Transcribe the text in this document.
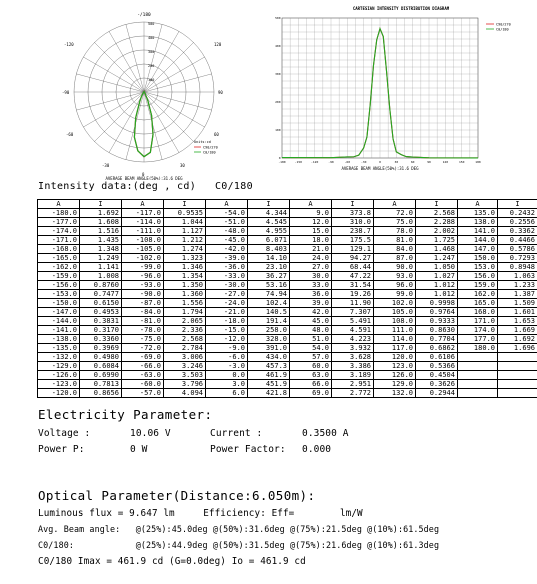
-/180
-120
-90
-60
-30
0
30
60
90
120
500
400
300
200
100
Units:cd
C90/270
C0/180
AVERAGE BEAM ANGLE(50%):31.6 DEG
CARTESIAN INTENSITY DISTRIBUTION DIAGRAM
-180	-150	-120	-90	-60	-30	0	30	60	90	120	150	180
500
400
300
200
100
0
C90/270
C0/180
AVERAGE BEAM ANGLE(50%):31.6 DEG
Intensity data:(deg , cd)   C0/180
A	I	A	I	A	I	A	I	A	I	A	I
-180.0	1.692	-117.0	0.9535	-54.0	4.344	9.0	373.8	72.0	2.568	135.0	0.2432
-177.0	1.608	-114.0	1.044	-51.0	4.545	12.0	310.0	75.0	2.288	138.0	0.2556
-174.0	1.516	-111.0	1.127	-48.0	4.955	15.0	238.7	78.0	2.002	141.0	0.3362
-171.0	1.435	-108.0	1.212	-45.0	6.071	18.0	175.5	81.0	1.725	144.0	0.4466
-168.0	1.348	-105.0	1.274	-42.0	8.403	21.0	129.1	84.0	1.468	147.0	0.5786
-165.0	1.249	-102.0	1.323	-39.0	14.10	24.0	94.27	87.0	1.247	150.0	0.7293
-162.0	1.141	-99.0	1.346	-36.0	23.10	27.0	68.44	90.0	1.050	153.0	0.8948
-159.0	1.008	-96.0	1.354	-33.0	36.27	30.0	47.22	93.0	1.027	156.0	1.063
-156.0	0.8760	-93.0	1.350	-30.0	53.16	33.0	31.54	96.0	1.012	159.0	1.233
-153.0	0.7477	-90.0	1.360	-27.0	74.94	36.0	19.26	99.0	1.012	162.0	1.387
-150.0	0.6150	-87.0	1.556	-24.0	102.4	39.0	11.90	102.0	0.9998	165.0	1.509
-147.0	0.4953	-84.0	1.794	-21.0	140.5	42.0	7.307	105.0	0.9764	168.0	1.601
-144.0	0.3831	-81.0	2.065	-18.0	191.4	45.0	5.491	108.0	0.9333	171.0	1.653
-141.0	0.3170	-78.0	2.336	-15.0	258.0	48.0	4.591	111.0	0.8630	174.0	1.669
-138.0	0.3360	-75.0	2.568	-12.0	328.0	51.0	4.223	114.0	0.7704	177.0	1.692
-135.0	0.3969	-72.0	2.784	-9.0	391.0	54.0	3.932	117.0	0.6862	180.0	1.696
-132.0	0.4980	-69.0	3.006	-6.0	434.0	57.0	3.628	120.0	0.6106		
-129.0	0.6084	-66.0	3.246	-3.0	457.3	60.0	3.386	123.0	0.5366		
-126.0	0.6990	-63.0	3.503	0.0	461.9	63.0	3.189	126.0	0.4504		
-123.0	0.7813	-60.0	3.796	3.0	451.9	66.0	2.951	129.0	0.3626		
-120.0	0.8656	-57.0	4.094	6.0	421.8	69.0	2.772	132.0	0.2944		
Electricity Parameter:
Voltage :	10.06 V	Current :	0.3500 A
Power P:	0 W	Power Factor: 0.000
Optical Parameter(Distance:6.050m):
Luminous flux = 9.647 lm     Efficiency: Eff=        lm/W
Avg. Beam angle:   @(25%):45.0deg @(50%):31.6deg @(75%):21.5deg @(10%):61.5deg
C0/180:            @(25%):44.9deg @(50%):31.5deg @(75%):21.6deg @(10%):61.3deg
C0/180 Imax = 461.9 cd (G=0.0deg) Io = 461.9 cd
